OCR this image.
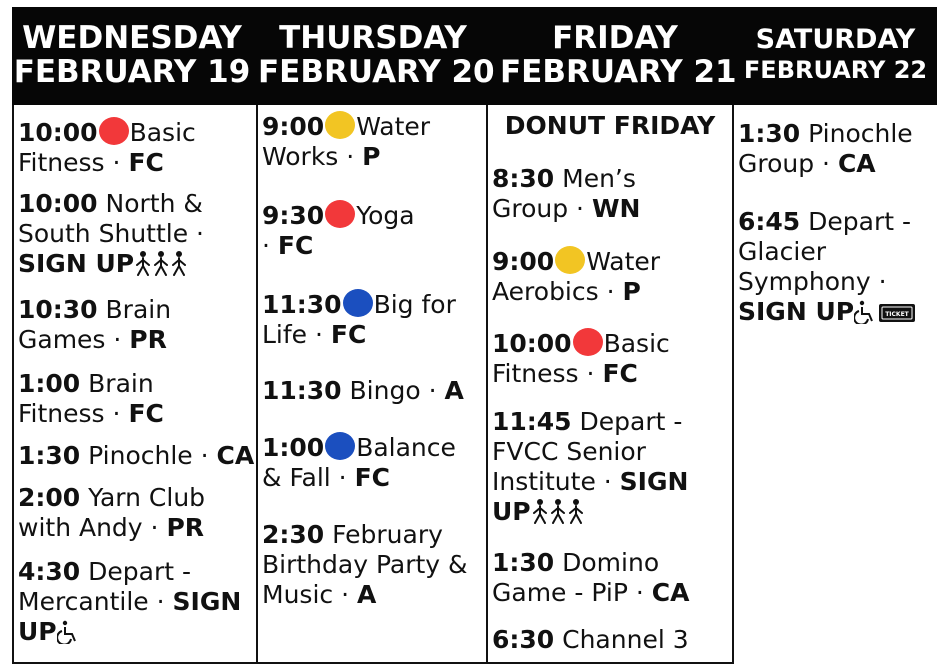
WEDNESDAY
FEBRUARY 19
THURSDAY
FEBRUARY 20
FRIDAY
FEBRUARY 21
SATURDAY
FEBRUARY 22
10:00 Basic
Fitness · FC
10:00 North &
South Shuttle ·
SIGN UP
10:30 Brain
Games · PR
1:00 Brain
Fitness · FC
1:30 Pinochle · CA
2:00 Yarn Club
with Andy · PR
4:30 Depart -
Mercantile · SIGN
UP
9:00 Water
Works · P
9:30 Yoga
· FC
11:30 Big for
Life · FC
11:30 Bingo · A
1:00 Balance
& Fall · FC
2:30 February
Birthday Party &
Music · A
DONUT FRIDAY
8:30 Men’s
Group · WN
9:00 Water
Aerobics · P
10:00 Basic
Fitness · FC
11:45 Depart -
FVCC Senior
Institute · SIGN
UP
1:30 Domino
Game - PiP · CA
6:30 Channel 3
1:30 Pinochle
Group · CA
6:45 Depart -
Glacier
Symphony ·
SIGN UP	TICKET
